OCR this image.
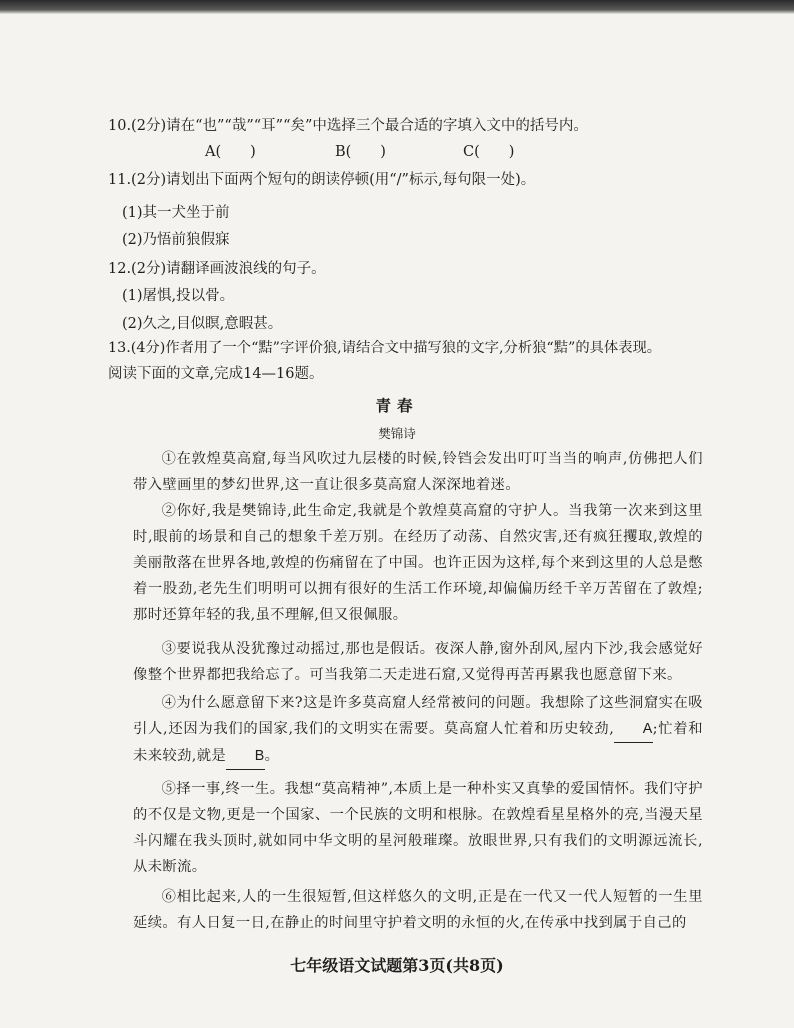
10.(2分)请在“也”“哉”“耳”“矣”中选择三个最合适的字填入文中的括号内。
A(　　)	B(　　)	C(　　)
11.(2分)请划出下面两个短句的朗读停顿(用“/”标示,每句限一处)。
(1)其一犬坐于前
(2)乃悟前狼假寐
12.(2分)请翻译画波浪线的句子。
(1)屠惧,投以骨。
(2)久之,目似瞑,意暇甚。
13.(4分)作者用了一个“黠”字评价狼,请结合文中描写狼的文字,分析狼“黠”的具体表现。
阅读下面的文章,完成14—16题。
青春
樊锦诗
①在敦煌莫高窟,每当风吹过九层楼的时候,铃铛会发出叮叮当当的响声,仿佛把人们带入壁画里的梦幻世界,这一直让很多莫高窟人深深地着迷。
②你好,我是樊锦诗,此生命定,我就是个敦煌莫高窟的守护人。当我第一次来到这里时,眼前的场景和自己的想象千差万别。在经历了动荡、自然灾害,还有疯狂攫取,敦煌的美丽散落在世界各地,敦煌的伤痛留在了中国。也许正因为这样,每个来到这里的人总是憋着一股劲,老先生们明明可以拥有很好的生活工作环境,却偏偏历经千辛万苦留在了敦煌;那时还算年轻的我,虽不理解,但又很佩服。
③要说我从没犹豫过动摇过,那也是假话。夜深人静,窗外刮风,屋内下沙,我会感觉好像整个世界都把我给忘了。可当我第二天走进石窟,又觉得再苦再累我也愿意留下来。
④为什么愿意留下来?这是许多莫高窟人经常被问的问题。我想除了这些洞窟实在吸引人,还因为我们的国家,我们的文明实在需要。莫高窟人忙着和历史较劲, A;忙着和未来较劲,就是 B。
⑤择一事,终一生。我想“莫高精神”,本质上是一种朴实又真挚的爱国情怀。我们守护的不仅是文物,更是一个国家、一个民族的文明和根脉。在敦煌看星星格外的亮,当漫天星斗闪耀在我头顶时,就如同中华文明的星河般璀璨。放眼世界,只有我们的文明源远流长,从未断流。
⑥相比起来,人的一生很短暂,但这样悠久的文明,正是在一代又一代人短暂的一生里延续。有人日复一日,在静止的时间里守护着文明的永恒的火,在传承中找到属于自己的
七年级语文试题第3页(共8页)
